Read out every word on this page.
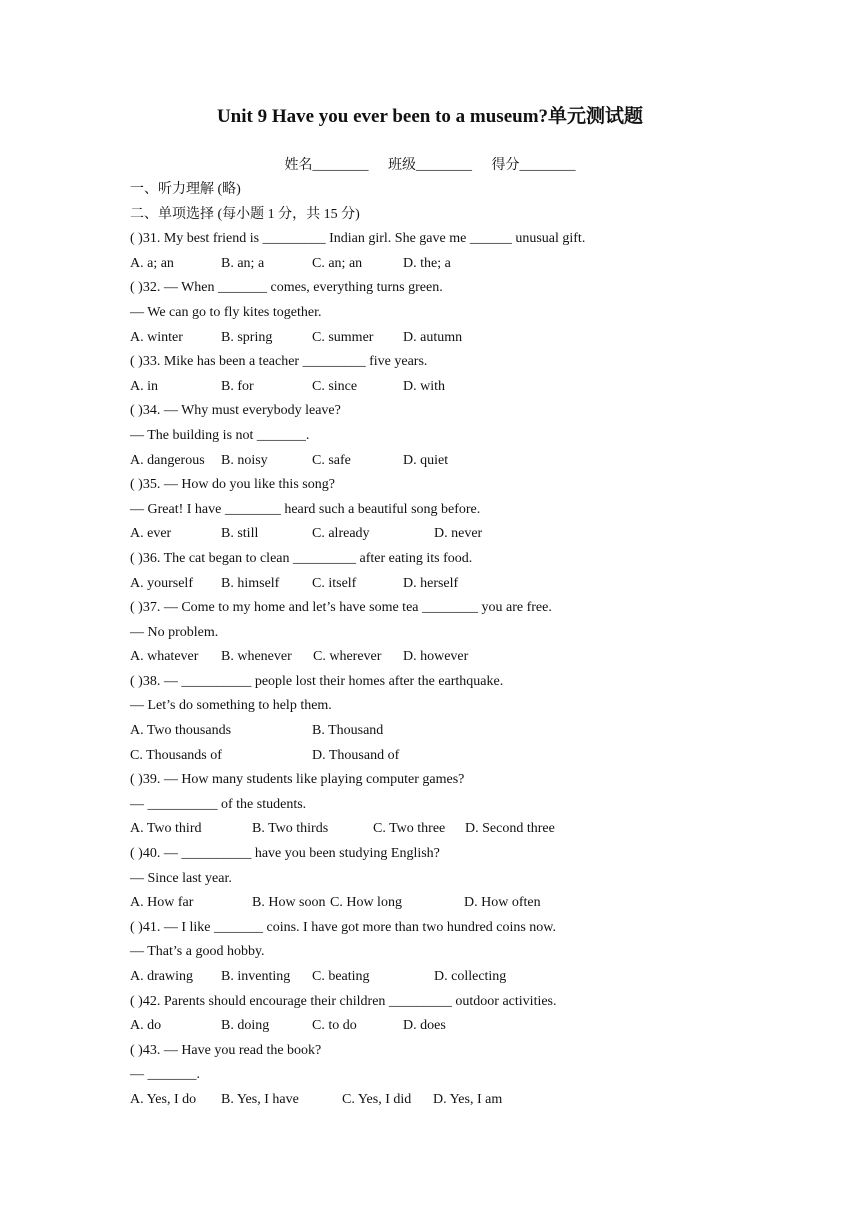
Unit 9 Have you ever been to a museum?单元测试题
姓名________ 班级________ 得分________
一、听力理解 (略)
二、单项选择 (每小题 1 分，共 15 分)
( )31. My best friend is _________ Indian girl. She gave me ______ unusual gift.
A. a; an	B. an; a	C. an; an	D. the; a
( )32. — When _______ comes, everything turns green.
— We can go to fly kites together.
A. winter	B. spring	C. summer D. autumn
( )33. Mike has been a teacher _________ five years.
A. in	B. for	C. since	D. with
( )34. — Why must everybody leave?
— The building is not _______.
A. dangerous B. noisy	C. safe	D. quiet
( )35. — How do you like this song?
— Great! I have ________ heard such a beautiful song before.
A. ever	B. still	C. already	D. never
( )36. The cat began to clean _________ after eating its food.
A. yourself B. himself C. itself	D. herself
( )37. — Come to my home and let’s have some tea ________ you are free.
— No problem.
A. whatever B. whenever C. wherever D. however
( )38. — __________ people lost their homes after the earthquake.
— Let’s do something to help them.
A. Two thousands	B. Thousand
C. Thousands of	D. Thousand of
( )39. — How many students like playing computer games?
— __________ of the students.
A. Two third	B. Two thirds	C. Two three D. Second three
( )40. — __________ have you been studying English?
— Since last year.
A. How far	B. How soon C. How long	D. How often
( )41. — I like _______ coins. I have got more than two hundred coins now.
— That’s a good hobby.
A. drawing B. inventing C. beating	D. collecting
( )42. Parents should encourage their children _________ outdoor activities.
A. do	B. doing	C. to do	D. does
( )43. — Have you read the book?
— _______.
A. Yes, I do B. Yes, I have	C. Yes, I did D. Yes, I am
